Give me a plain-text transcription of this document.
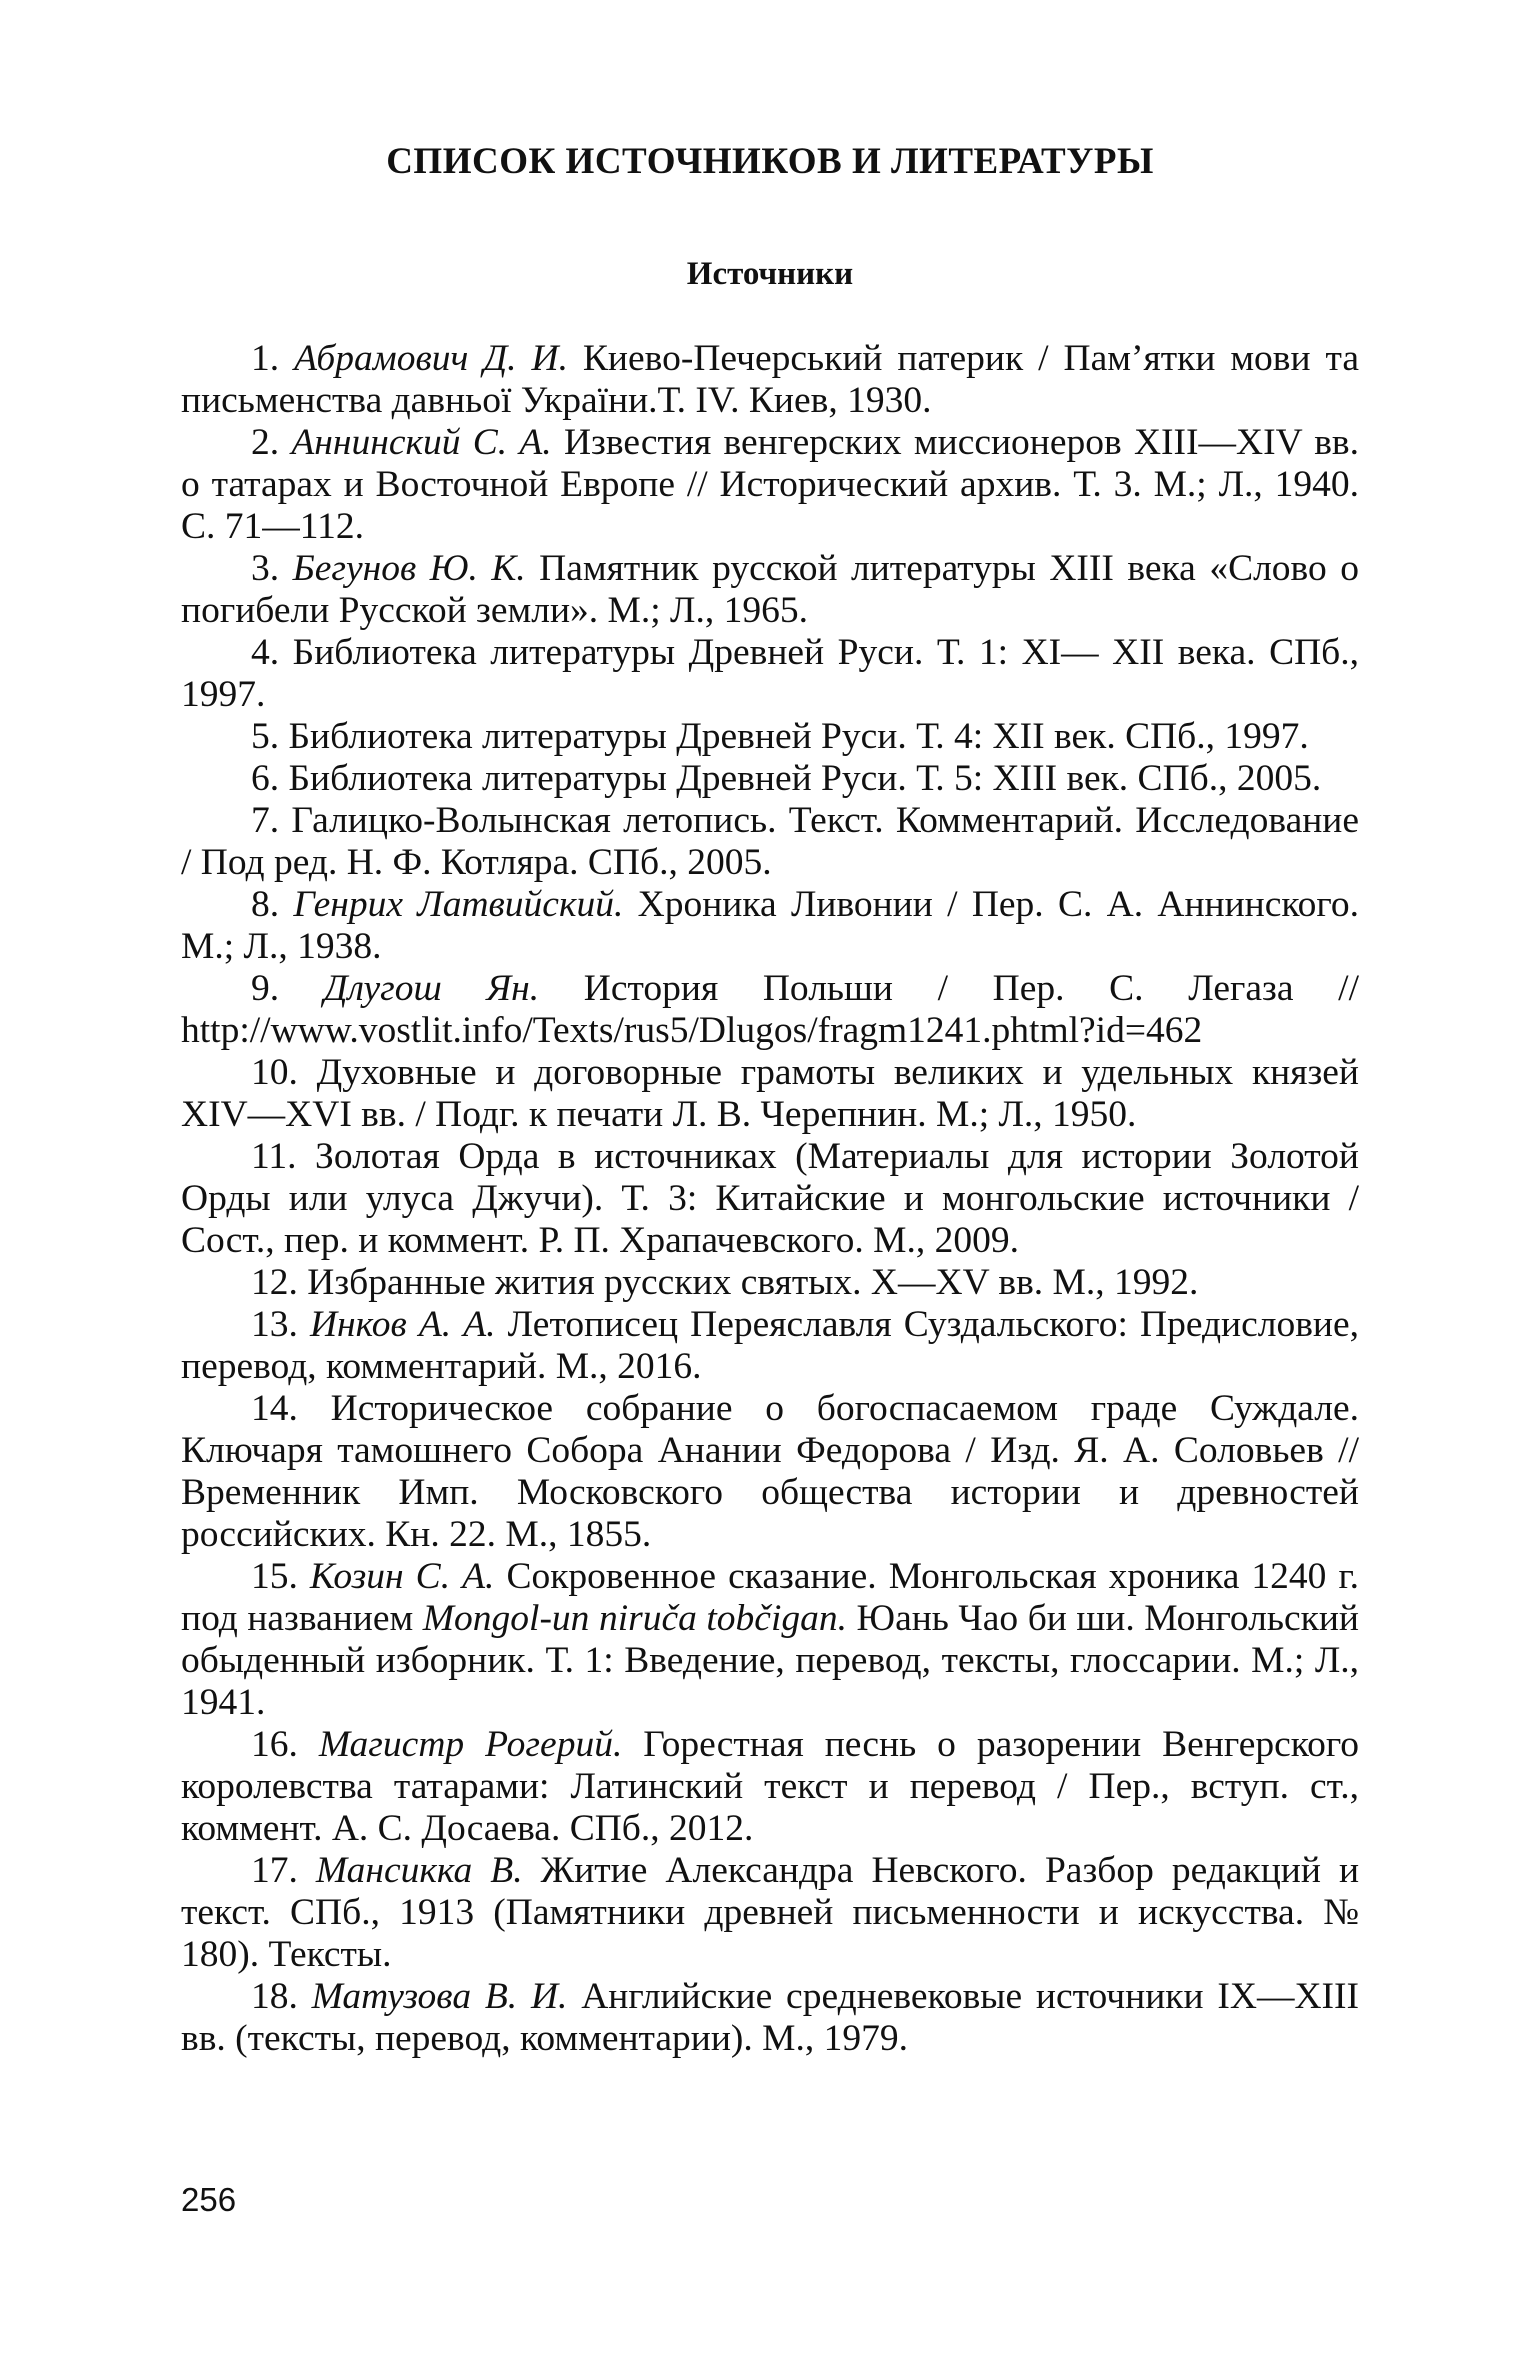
СПИСОК ИСТОЧНИКОВ И ЛИТЕРАТУРЫ
Источники

1. Абрамович Д. И. Киево-Печерський патерик / Пам’ятки мови та письменства давньої України.Т. IV. Киев, 1930.

2. Аннинский С. А. Известия венгерских миссионеров XIII—XIV вв. о татарах и Восточной Европе // Исторический архив. Т. 3. М.; Л., 1940. С. 71—112.

3. Бегунов Ю. К. Памятник русской литературы XIII века «Слово о погибели Русской земли». М.; Л., 1965.

4. Библиотека литературы Древней Руси. Т. 1: XI— XII века. СПб., 1997.

5. Библиотека литературы Древней Руси. Т. 4: XII век. СПб., 1997.

6. Библиотека литературы Древней Руси. Т. 5: XIII век. СПб., 2005.

7. Галицко-Волынская летопись. Текст. Комментарий. Исследование / Под ред. Н. Ф. Котляра. СПб., 2005.

8. Генрих Латвийский. Хроника Ливонии / Пер. С. А. Аннинского. М.; Л., 1938.

9. Длугош Ян. История Польши / Пер. С. Легаза // http://www.vostlit.info/Texts/rus5/Dlugos/fragm1241.phtml?id=462

10. Духовные и договорные грамоты великих и удельных князей XIV—XVI вв. / Подг. к печати Л. В. Черепнин. М.; Л., 1950.

11. Золотая Орда в источниках (Материалы для истории Золотой Орды или улуса Джучи). Т. 3: Китайские и монгольские источники / Сост., пер. и коммент. Р. П. Храпачевского. М., 2009.

12. Избранные жития русских святых. X—XV вв. М., 1992.

13. Инков А. А. Летописец Переяславля Суздальского: Предисловие, перевод, комментарий. М., 2016.

14. Историческое собрание о богоспасаемом граде Суждале. Ключаря тамошнего Собора Анании Федорова / Изд. Я. А. Соловьев // Временник Имп. Московского общества истории и древностей российских. Кн. 22. М., 1855.

15. Козин С. А. Сокровенное сказание. Монгольская хроника 1240 г. под названием Mongol-un niruča tobčigan. Юань Чао би ши. Монгольский обыденный изборник. Т. 1: Введение, перевод, тексты, глоссарии. М.; Л., 1941.

16. Магистр Рогерий. Горестная песнь о разорении Венгерского королевства татарами: Латинский текст и перевод / Пер., вступ. ст., коммент. А. С. Досаева. СПб., 2012.

17. Мансикка В. Житие Александра Невского. Разбор редакций и текст. СПб., 1913 (Памятники древней письменности и искусства. № 180). Тексты.

18. Матузова В. И. Английские средневековые источники IX—XIII вв. (тексты, перевод, комментарии). М., 1979.

256
